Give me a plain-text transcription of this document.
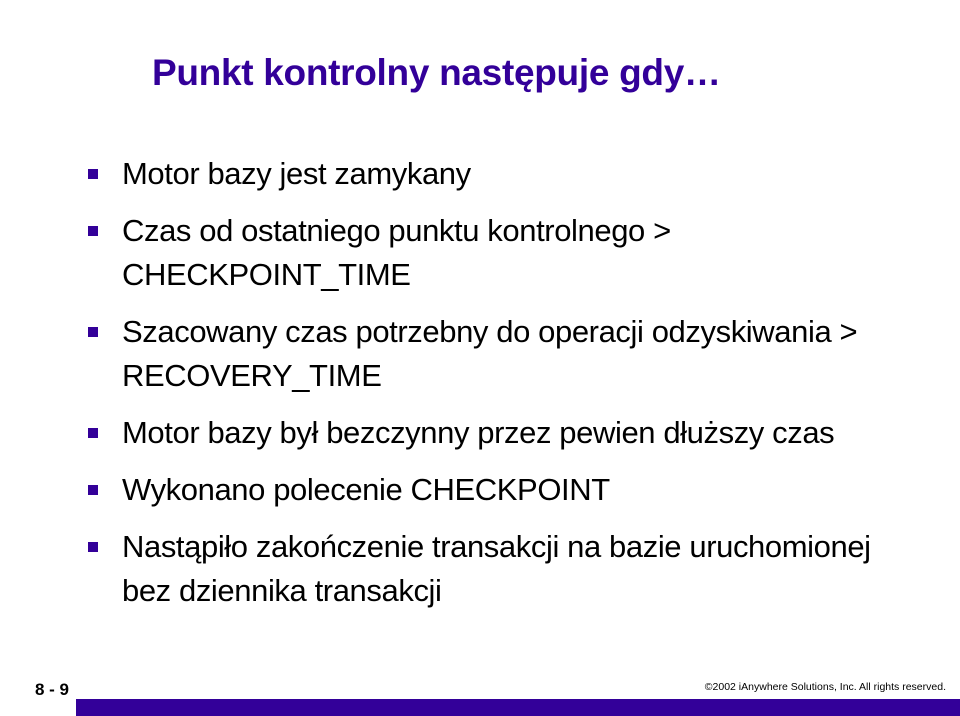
Punkt kontrolny następuje gdy…
Motor bazy jest zamykany
Czas od ostatniego punktu kontrolnego > CHECKPOINT_TIME
Szacowany czas potrzebny do operacji odzyskiwania > RECOVERY_TIME
Motor bazy był bezczynny przez pewien dłuższy czas
Wykonano polecenie CHECKPOINT
Nastąpiło zakończenie transakcji na bazie uruchomionej bez dziennika transakcji
8 - 9	©2002 iAnywhere Solutions, Inc. All rights reserved.
